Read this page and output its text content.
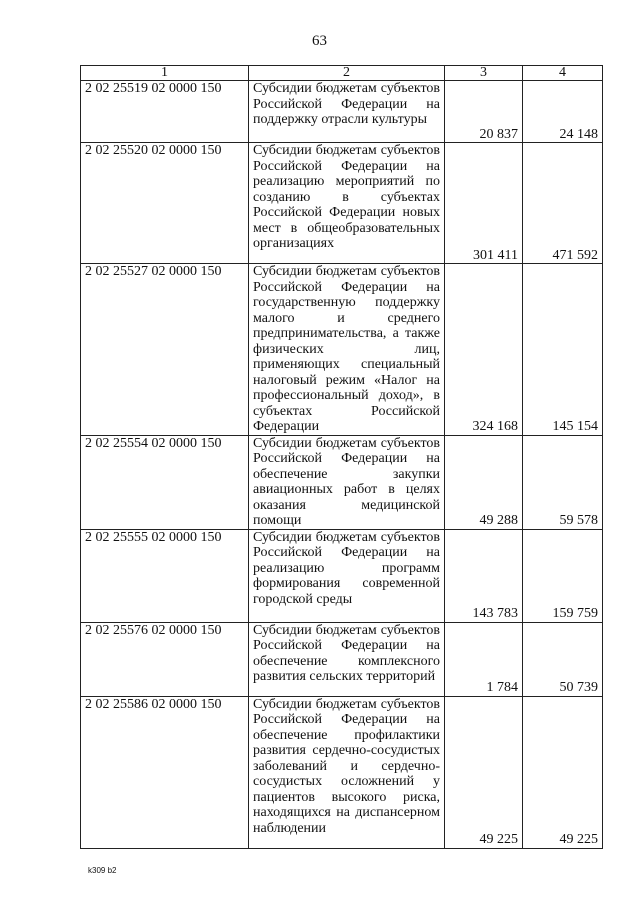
63
1	2	3	4
2 02 25519 02 0000 150	Субсидии бюджетам субъектов Российской Федерации на поддержку отрасли культуры	20 837	24 148
2 02 25520 02 0000 150	Субсидии бюджетам субъектов Российской Федерации на реализацию мероприятий по созданию в субъектах Российской Федерации новых мест в общеобразовательных организациях	301 411	471 592
2 02 25527 02 0000 150	Субсидии бюджетам субъектов Российской Федерации на государственную поддержку малого и среднего предпринимательства, а также физических лиц, применяющих специальный налоговый режим «Налог на профессиональный доход», в субъектах Российской Федерации	324 168	145 154
2 02 25554 02 0000 150	Субсидии бюджетам субъектов Российской Федерации на обеспечение закупки авиационных работ в целях оказания медицинской помощи	49 288	59 578
2 02 25555 02 0000 150	Субсидии бюджетам субъектов Российской Федерации на реализацию программ формирования современной городской среды	143 783	159 759
2 02 25576 02 0000 150	Субсидии бюджетам субъектов Российской Федерации на обеспечение комплексного развития сельских территорий	1 784	50 739
2 02 25586 02 0000 150	Субсидии бюджетам субъектов Российской Федерации на обеспечение профилактики развития сердечно-сосудистых заболеваний и сердечно-сосудистых осложнений у пациентов высокого риска, находящихся на диспансерном наблюдении	49 225	49 225
k309 b2
